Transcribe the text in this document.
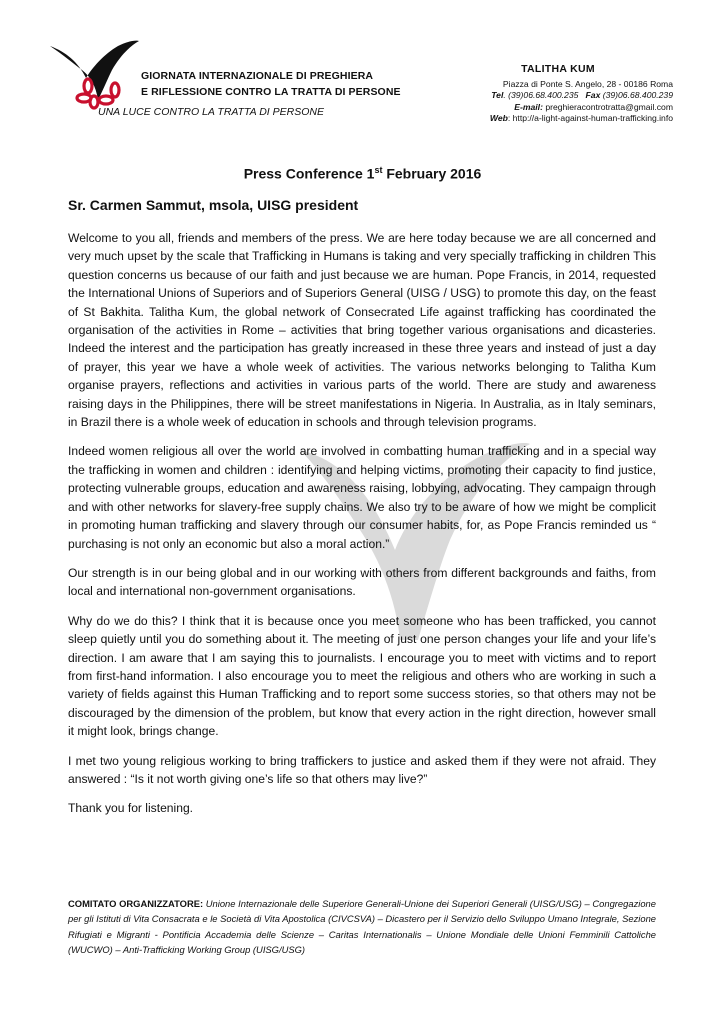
GIORNATA INTERNAZIONALE DI PREGHIERA
E RIFLESSIONE CONTRO LA TRATTA DI PERSONE
UNA LUCE CONTRO LA TRATTA DI PERSONE
TALITHA KUM
Piazza di Ponte S. Angelo, 28 - 00186 Roma
Tel. (39)06.68.400.235 Fax (39)06.68.400.239
E-mail: preghieracontrotratta@gmail.com
Web: http://a-light-against-human-trafficking.info
Press Conference 1st February 2016
Sr. Carmen Sammut, msola, UISG president

Welcome to you all, friends and members of the press. We are here today because we are all concerned and very much upset by the scale that Trafficking in Humans is taking and very specially trafficking in children This question concerns us because of our faith and just because we are human. Pope Francis, in 2014, requested the International Unions of Superiors and of Superiors General (UISG / USG) to promote this day, on the feast of St Bakhita. Talitha Kum, the global network of Consecrated Life against trafficking has coordinated the organisation of the activities in Rome – activities that bring together various organisations and dicasteries. Indeed the interest and the participation has greatly increased in these three years and instead of just a day of prayer, this year we have a whole week of activities. The various networks belonging to Talitha Kum organise prayers, reflections and activities in various parts of the world. There are study and awareness raising days in the Philippines, there will be street manifestations in Nigeria. In Australia, as in Italy seminars, in Brazil there is a whole week of education in schools and through television programs.

Indeed women religious all over the world are involved in combatting human trafficking and in a special way the trafficking in women and children : identifying and helping victims, promoting their capacity to find justice, protecting vulnerable groups, education and awareness raising, lobbying, advocating. They campaign through and with other networks for slavery-free supply chains. We also try to be aware of how we might be complicit in promoting human trafficking and slavery through our consumer habits, for, as Pope Francis reminded us “ purchasing is not only an economic but also a moral action.”

Our strength is in our being global and in our working with others from different backgrounds and faiths, from local and international non-government organisations.

Why do we do this? I think that it is because once you meet someone who has been trafficked, you cannot sleep quietly until you do something about it. The meeting of just one person changes your life and your life’s direction. I am aware that I am saying this to journalists. I encourage you to meet with victims and to report from first-hand information. I also encourage you to meet the religious and others who are working in such a variety of fields against this Human Trafficking and to report some success stories, so that others may not be discouraged by the dimension of the problem, but know that every action in the right direction, however small it might look, brings change.

I met two young religious working to bring traffickers to justice and asked them if they were not afraid. They answered : “Is it not worth giving one’s life so that others may live?”

Thank you for listening.

COMITATO ORGANIZZATORE: Unione Internazionale delle Superiore Generali-Unione dei Superiori Generali (UISG/USG) – Congregazione per gli Istituti di Vita Consacrata e le Società di Vita Apostolica (CIVCSVA) – Dicastero per il Servizio dello Sviluppo Umano Integrale, Sezione Rifugiati e Migranti - Pontificia Accademia delle Scienze – Caritas Internationalis – Unione Mondiale delle Unioni Femminili Cattoliche (WUCWO) – Anti-Trafficking Working Group (UISG/USG)
